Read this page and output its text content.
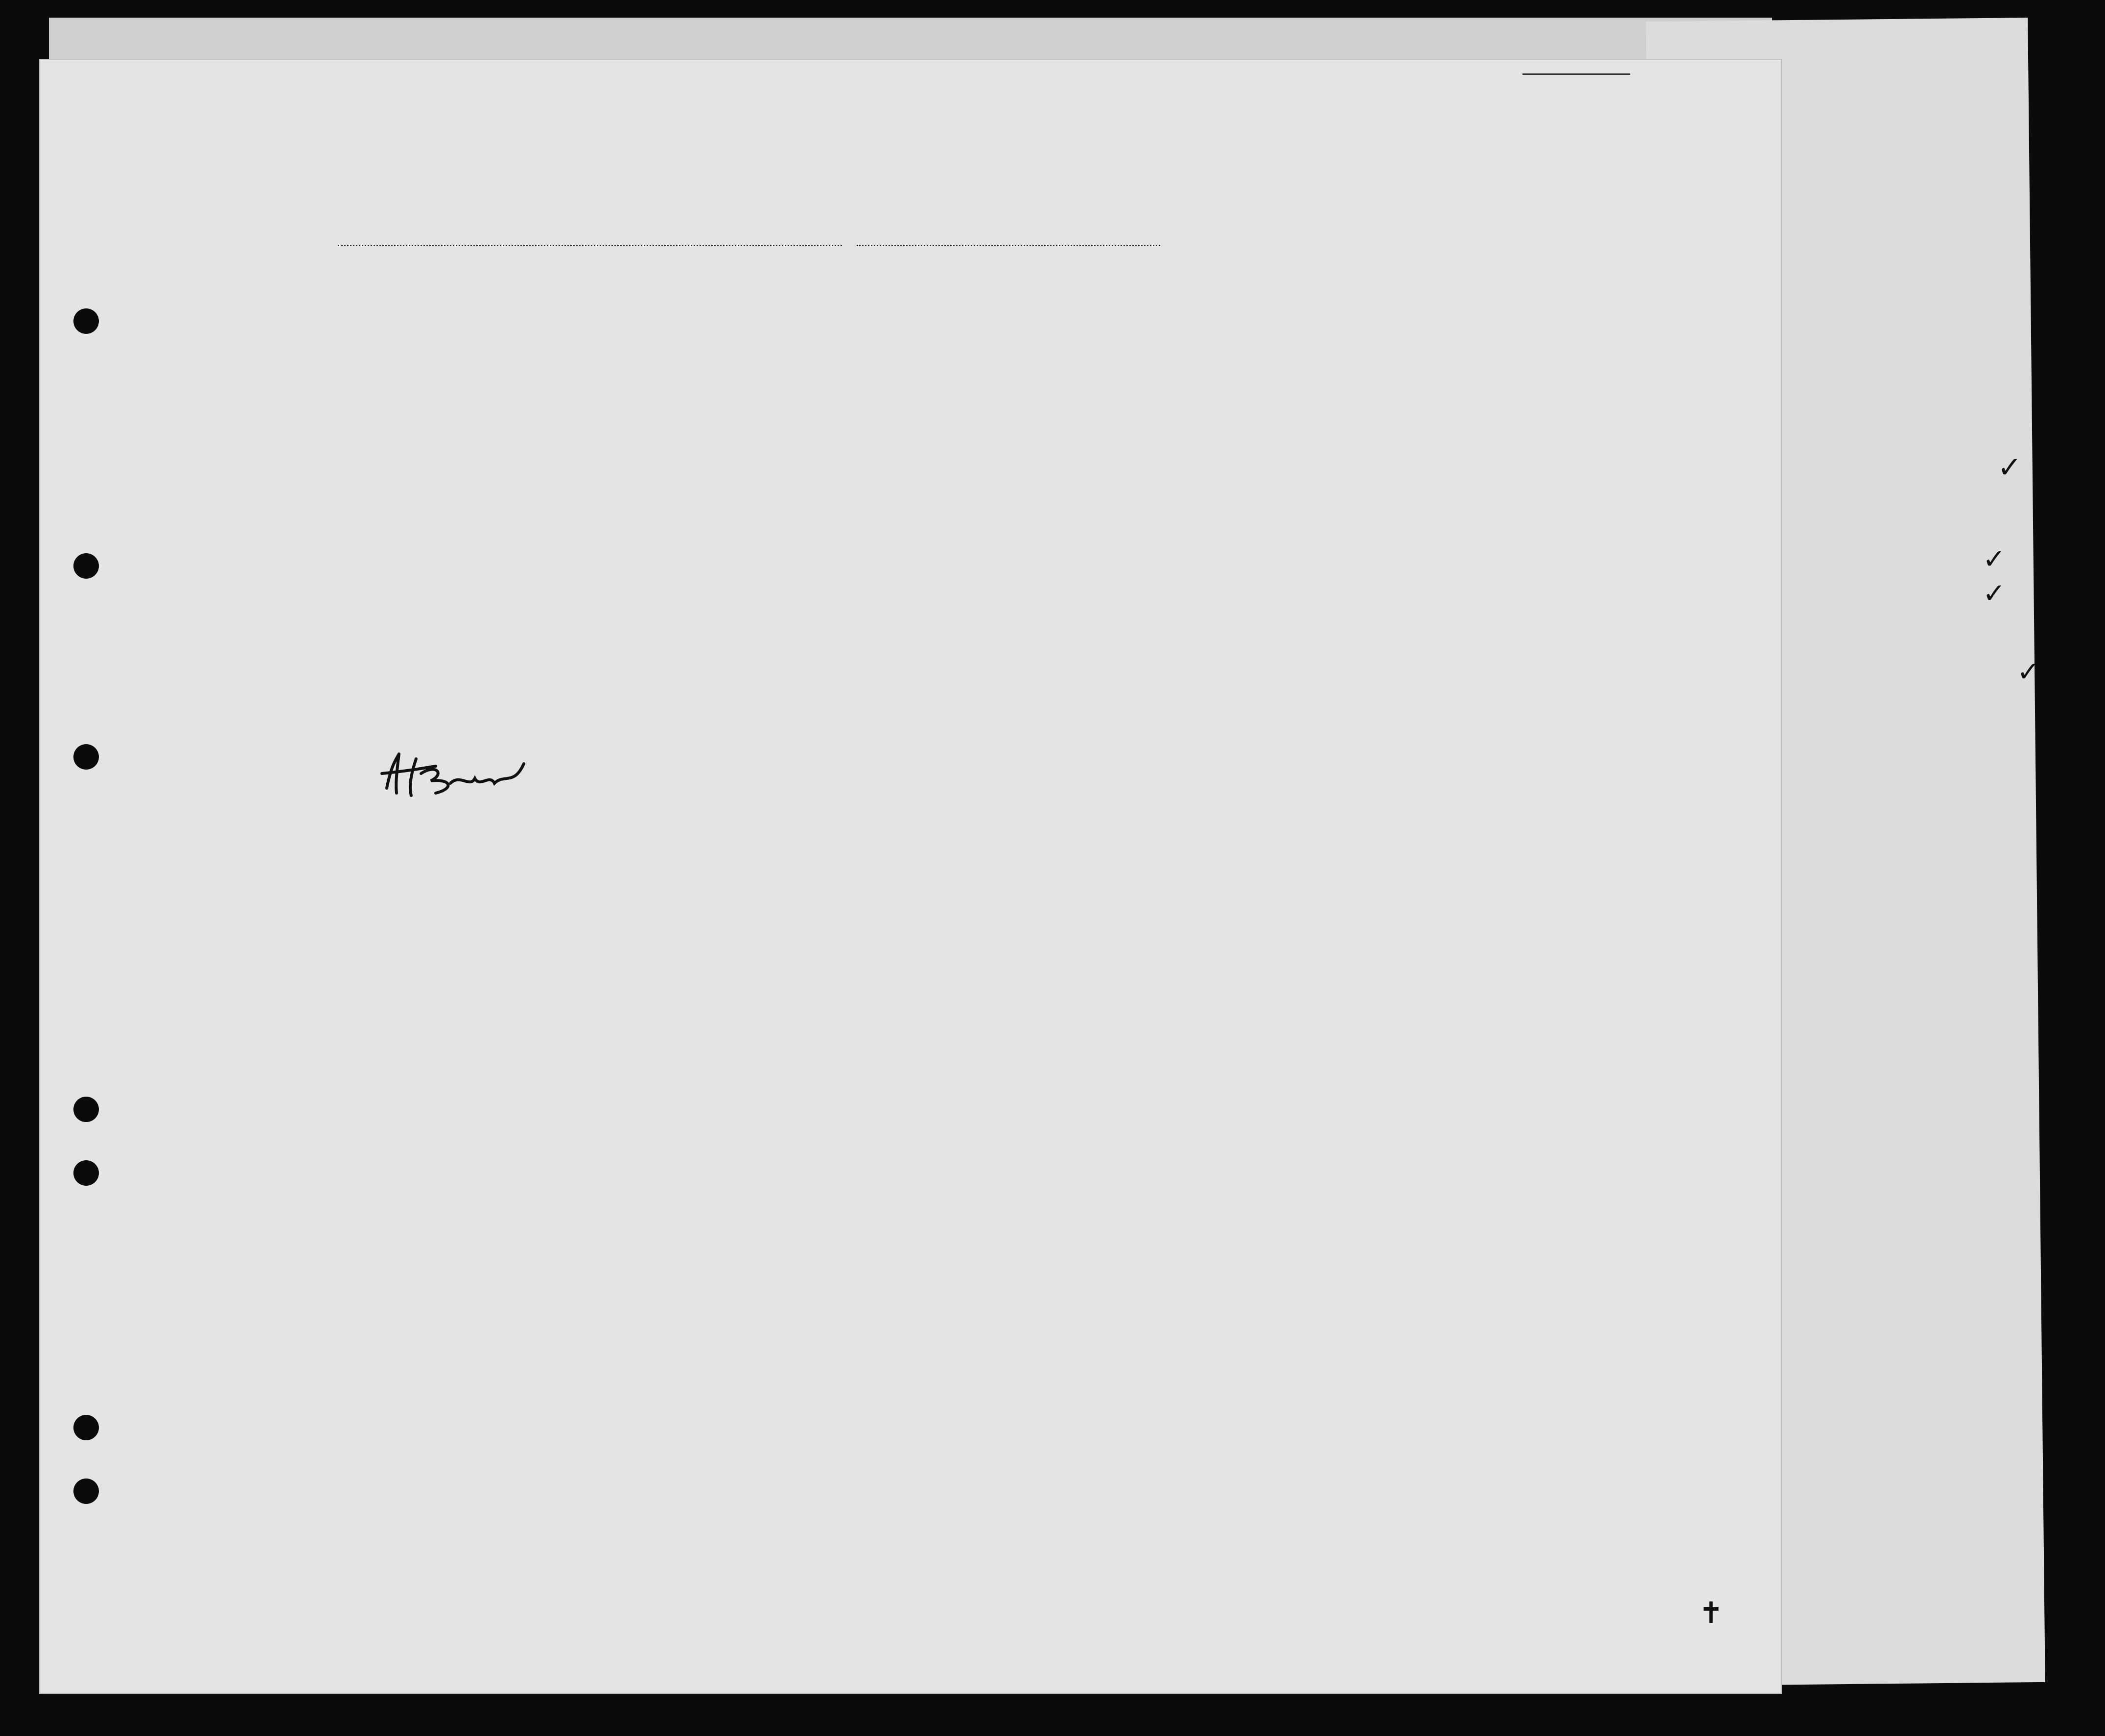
✓
✓
✓
✓
✝
